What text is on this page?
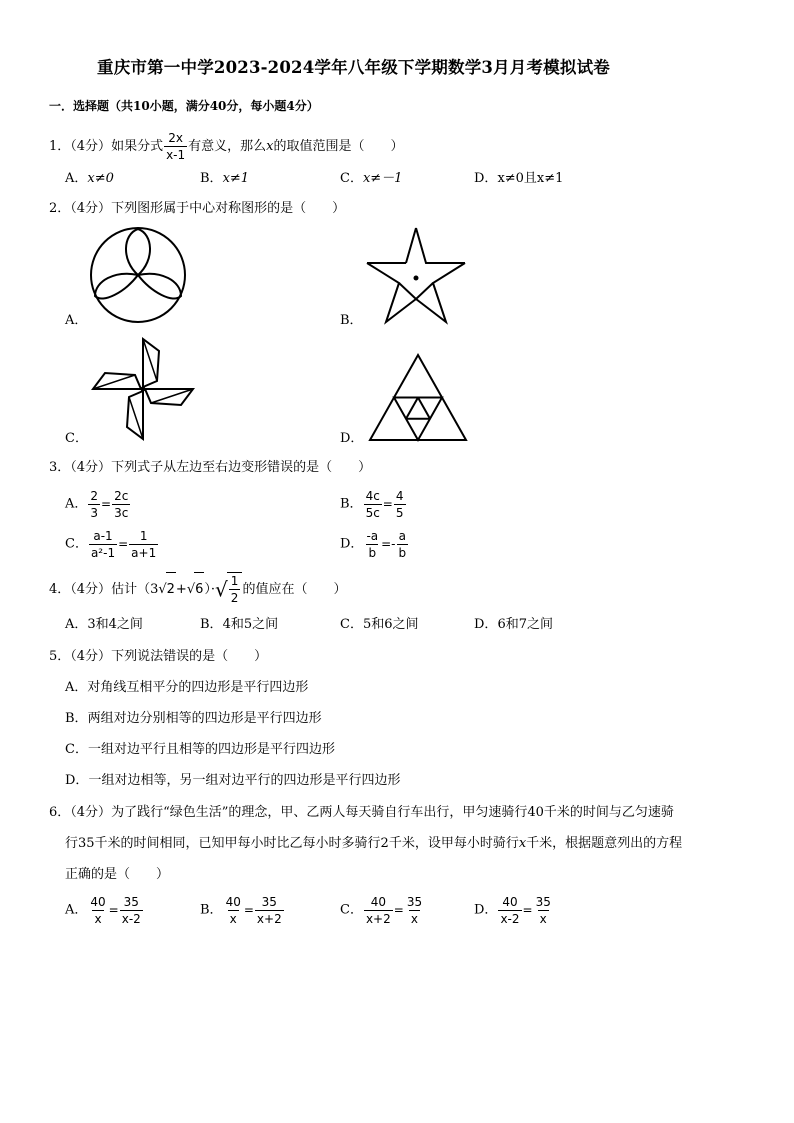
重庆市第一中学2023-2024学年八年级下学期数学3月月考模拟试卷
一．选择题（共10小题，满分40分，每小题4分）
1．（4分）如果分式 $\frac{2x}{x-1}$ 有意义，那么x的取值范围是（　　）
A．x≠0	B．x≠1	C．x≠－1	D．x≠0且x≠1
2．（4分）下列图形属于中心对称图形的是（　　）
A．	B．
C．	D．
3．（4分）下列式子从左边至右边变形错误的是（　　）
A． $\frac{2}{3} = \frac{2c}{3c}$	B． $\frac{4c}{5c} = \frac{4}{5}$
C． $\frac{a-1}{\text{a²-1}} = \frac{1}{a+1}$	D． $\frac{-a}{b} =- \frac{a}{b}$
4．（4分）估计$(3√2+√6)\cdot√ \frac{1}{2}$ 的值应在（　　）
A．3和4之间	B．4和5之间	C．5和6之间	D．6和7之间
5．（4分）下列说法错误的是（　　）
A．对角线互相平分的四边形是平行四边形
B．两组对边分别相等的四边形是平行四边形
C．一组对边平行且相等的四边形是平行四边形
D．一组对边相等，另一组对边平行的四边形是平行四边形
6．（4分）为了践行“绿色生活”的理念，甲、乙两人每天骑自行车出行，甲匀速骑行40千米的时间与乙匀速骑
行35千米的时间相同，已知甲每小时比乙每小时多骑行2千米，设甲每小时骑行x千米，根据题意列出的方程
正确的是（　　）
A． $\frac{40}{x} = \frac{35}{x-2}$	B． $\frac{40}{x} = \frac{35}{x+2}$	C． $\frac{40}{x+2} = \frac{35}{x}$	D． $\frac{40}{x-2} = \frac{35}{x}$
